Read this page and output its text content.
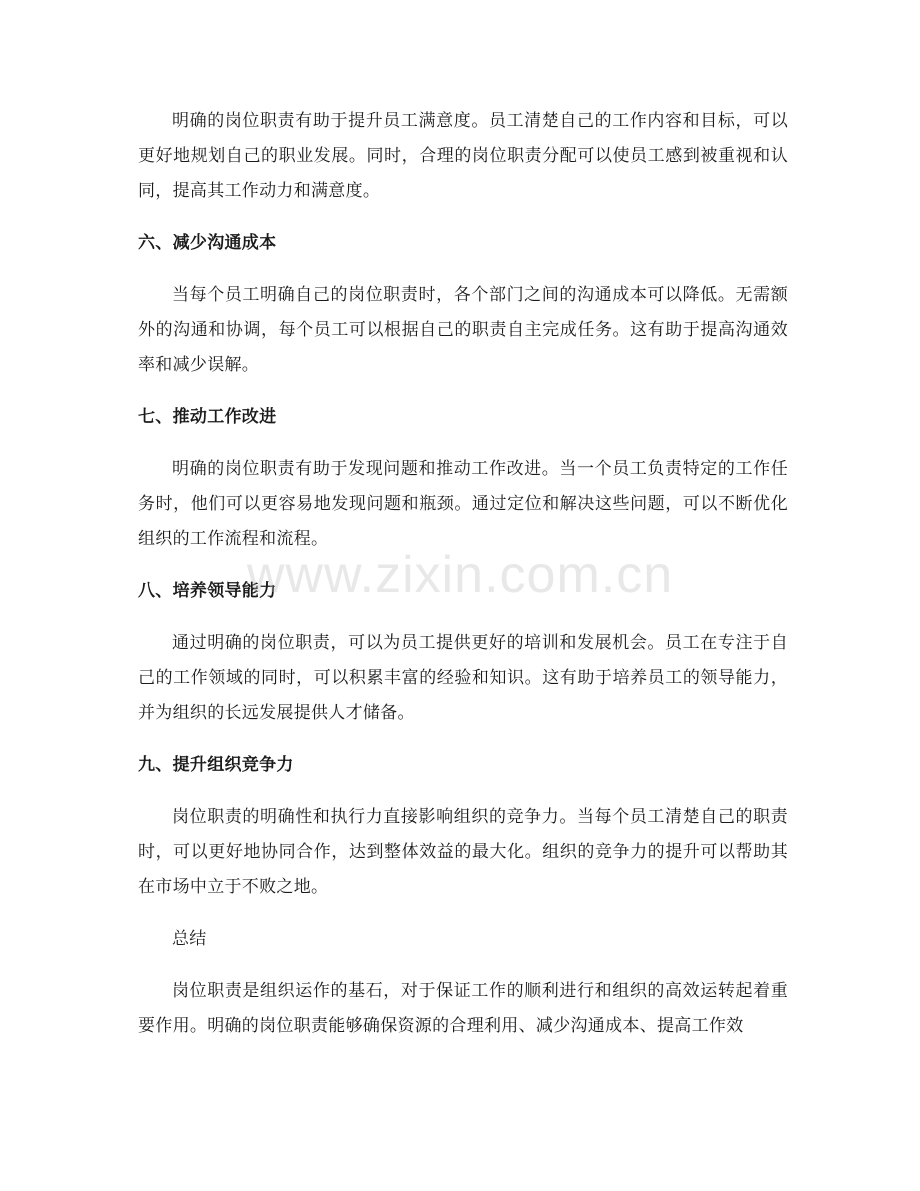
明确的岗位职责有助于提升员工满意度。员工清楚自己的工作内容和目标，可以更好地规划自己的职业发展。同时，合理的岗位职责分配可以使员工感到被重视和认同，提高其工作动力和满意度。

六、减少沟通成本

当每个员工明确自己的岗位职责时，各个部门之间的沟通成本可以降低。无需额外的沟通和协调，每个员工可以根据自己的职责自主完成任务。这有助于提高沟通效率和减少误解。

七、推动工作改进

明确的岗位职责有助于发现问题和推动工作改进。当一个员工负责特定的工作任务时，他们可以更容易地发现问题和瓶颈。通过定位和解决这些问题，可以不断优化组织的工作流程和流程。

八、培养领导能力

通过明确的岗位职责，可以为员工提供更好的培训和发展机会。员工在专注于自己的工作领域的同时，可以积累丰富的经验和知识。这有助于培养员工的领导能力，并为组织的长远发展提供人才储备。

九、提升组织竞争力

岗位职责的明确性和执行力直接影响组织的竞争力。当每个员工清楚自己的职责时，可以更好地协同合作，达到整体效益的最大化。组织的竞争力的提升可以帮助其在市场中立于不败之地。

总结

岗位职责是组织运作的基石，对于保证工作的顺利进行和组织的高效运转起着重要作用。明确的岗位职责能够确保资源的合理利用、减少沟通成本、提高工作效

www.zixin.com.cn
